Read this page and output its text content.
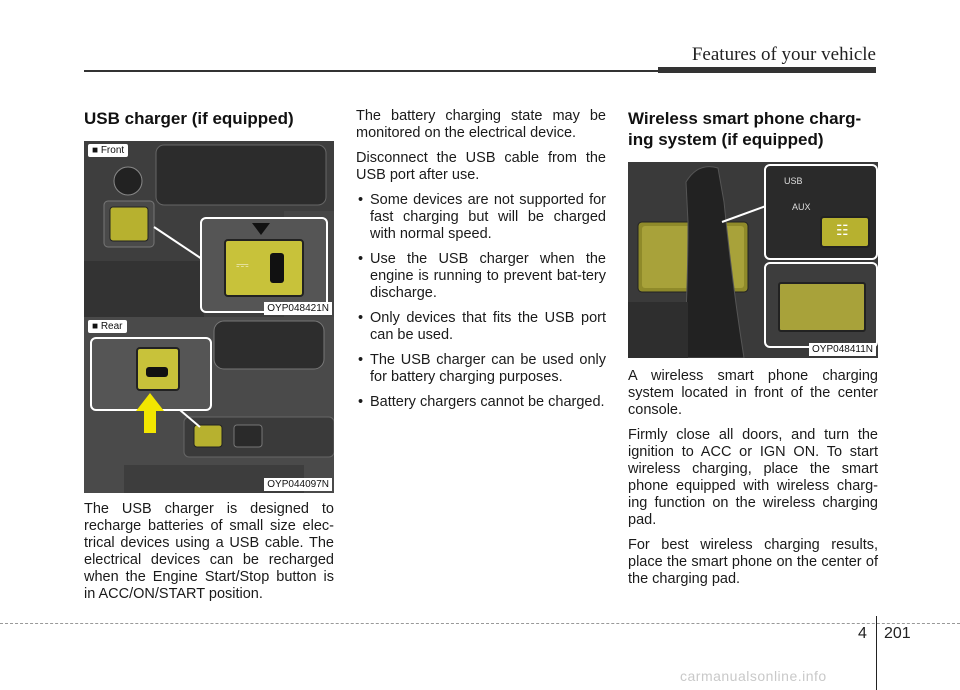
Features of your vehicle
USB charger (if equipped)
⎓
■ Front
OYP048421N
■ Rear
OYP044097N

The USB charger is designed to recharge batteries of small size elec-trical devices using a USB cable. The electrical devices can be recharged when the Engine Start/Stop button is in ACC/ON/START position.

The battery charging state may be monitored on the electrical device.

Disconnect the USB cable from the USB port after use.

• Some devices are not supported for fast charging but will be charged with normal speed.
• Use the USB charger when the engine is running to prevent bat-tery discharge.
• Only devices that fits the USB port can be used.
• The USB charger can be used only for battery charging purposes.
• Battery chargers cannot be charged.
Wireless smart phone charg-ing system (if equipped)
USB
AUX
☷
OYP048411N

A wireless smart phone charging system located in front of the center console.

Firmly close all doors, and turn the ignition to ACC or IGN ON. To start wireless charging, place the smart phone equipped with wireless charg-ing function on the wireless charging pad.

For best wireless charging results, place the smart phone on the center of the charging pad.

4 201
carmanualsonline.info
